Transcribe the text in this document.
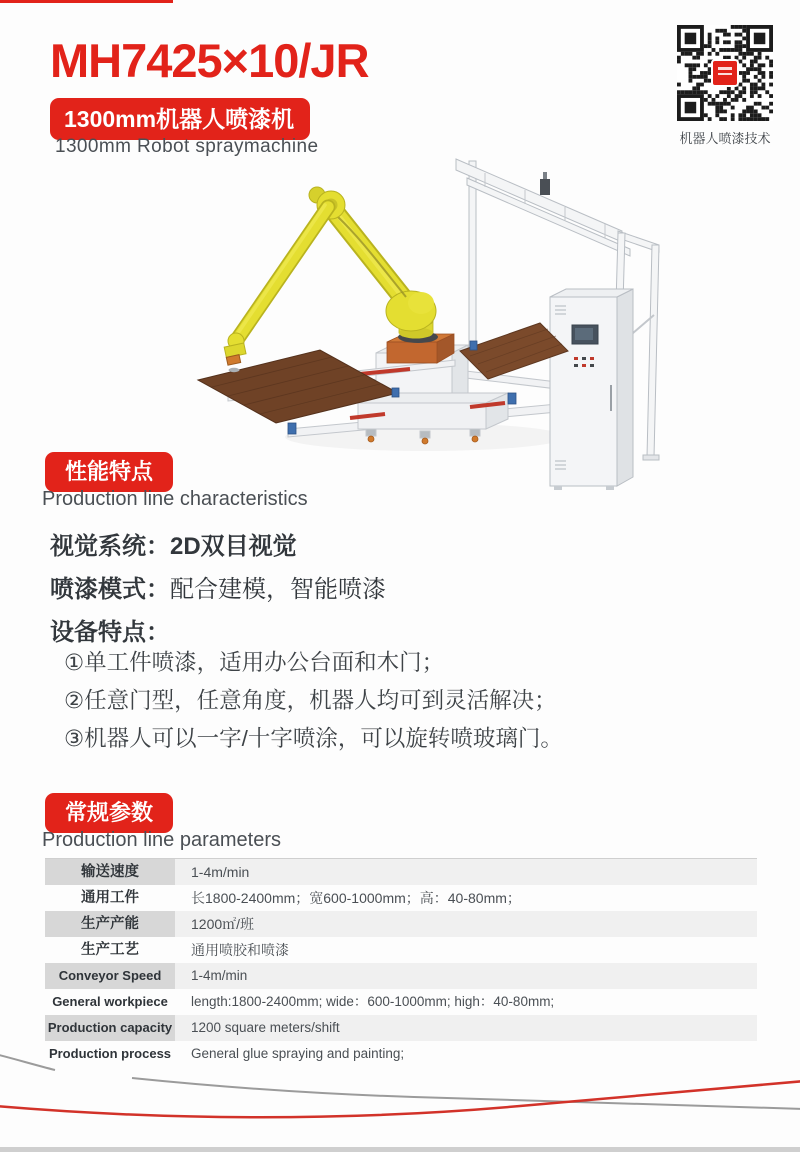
MH7425×10/JR
1300mm机器人喷漆机
1300mm Robot spraymachine	机器人喷漆技术
性能特点
Production line characteristics
视觉系统：2D双目视觉
喷漆模式：配合建模，智能喷漆
设备特点：
①单工件喷漆，适用办公台面和木门；
②任意门型，任意角度，机器人均可到灵活解决；
③机器人可以一字/十字喷涂，可以旋转喷玻璃门。
常规参数
Production line parameters
输送速度	1-4m/min
通用工件	长1800-2400mm；宽600-1000mm；高：40-80mm；
生产产能	1200㎡/班
生产工艺	通用喷胶和喷漆
Conveyor Speed	1-4m/min
General workpiece	length:1800-2400mm; wide：600-1000mm; high：40-80mm;
Production capacity	1200 square meters/shift
Production process	General glue spraying and painting;
